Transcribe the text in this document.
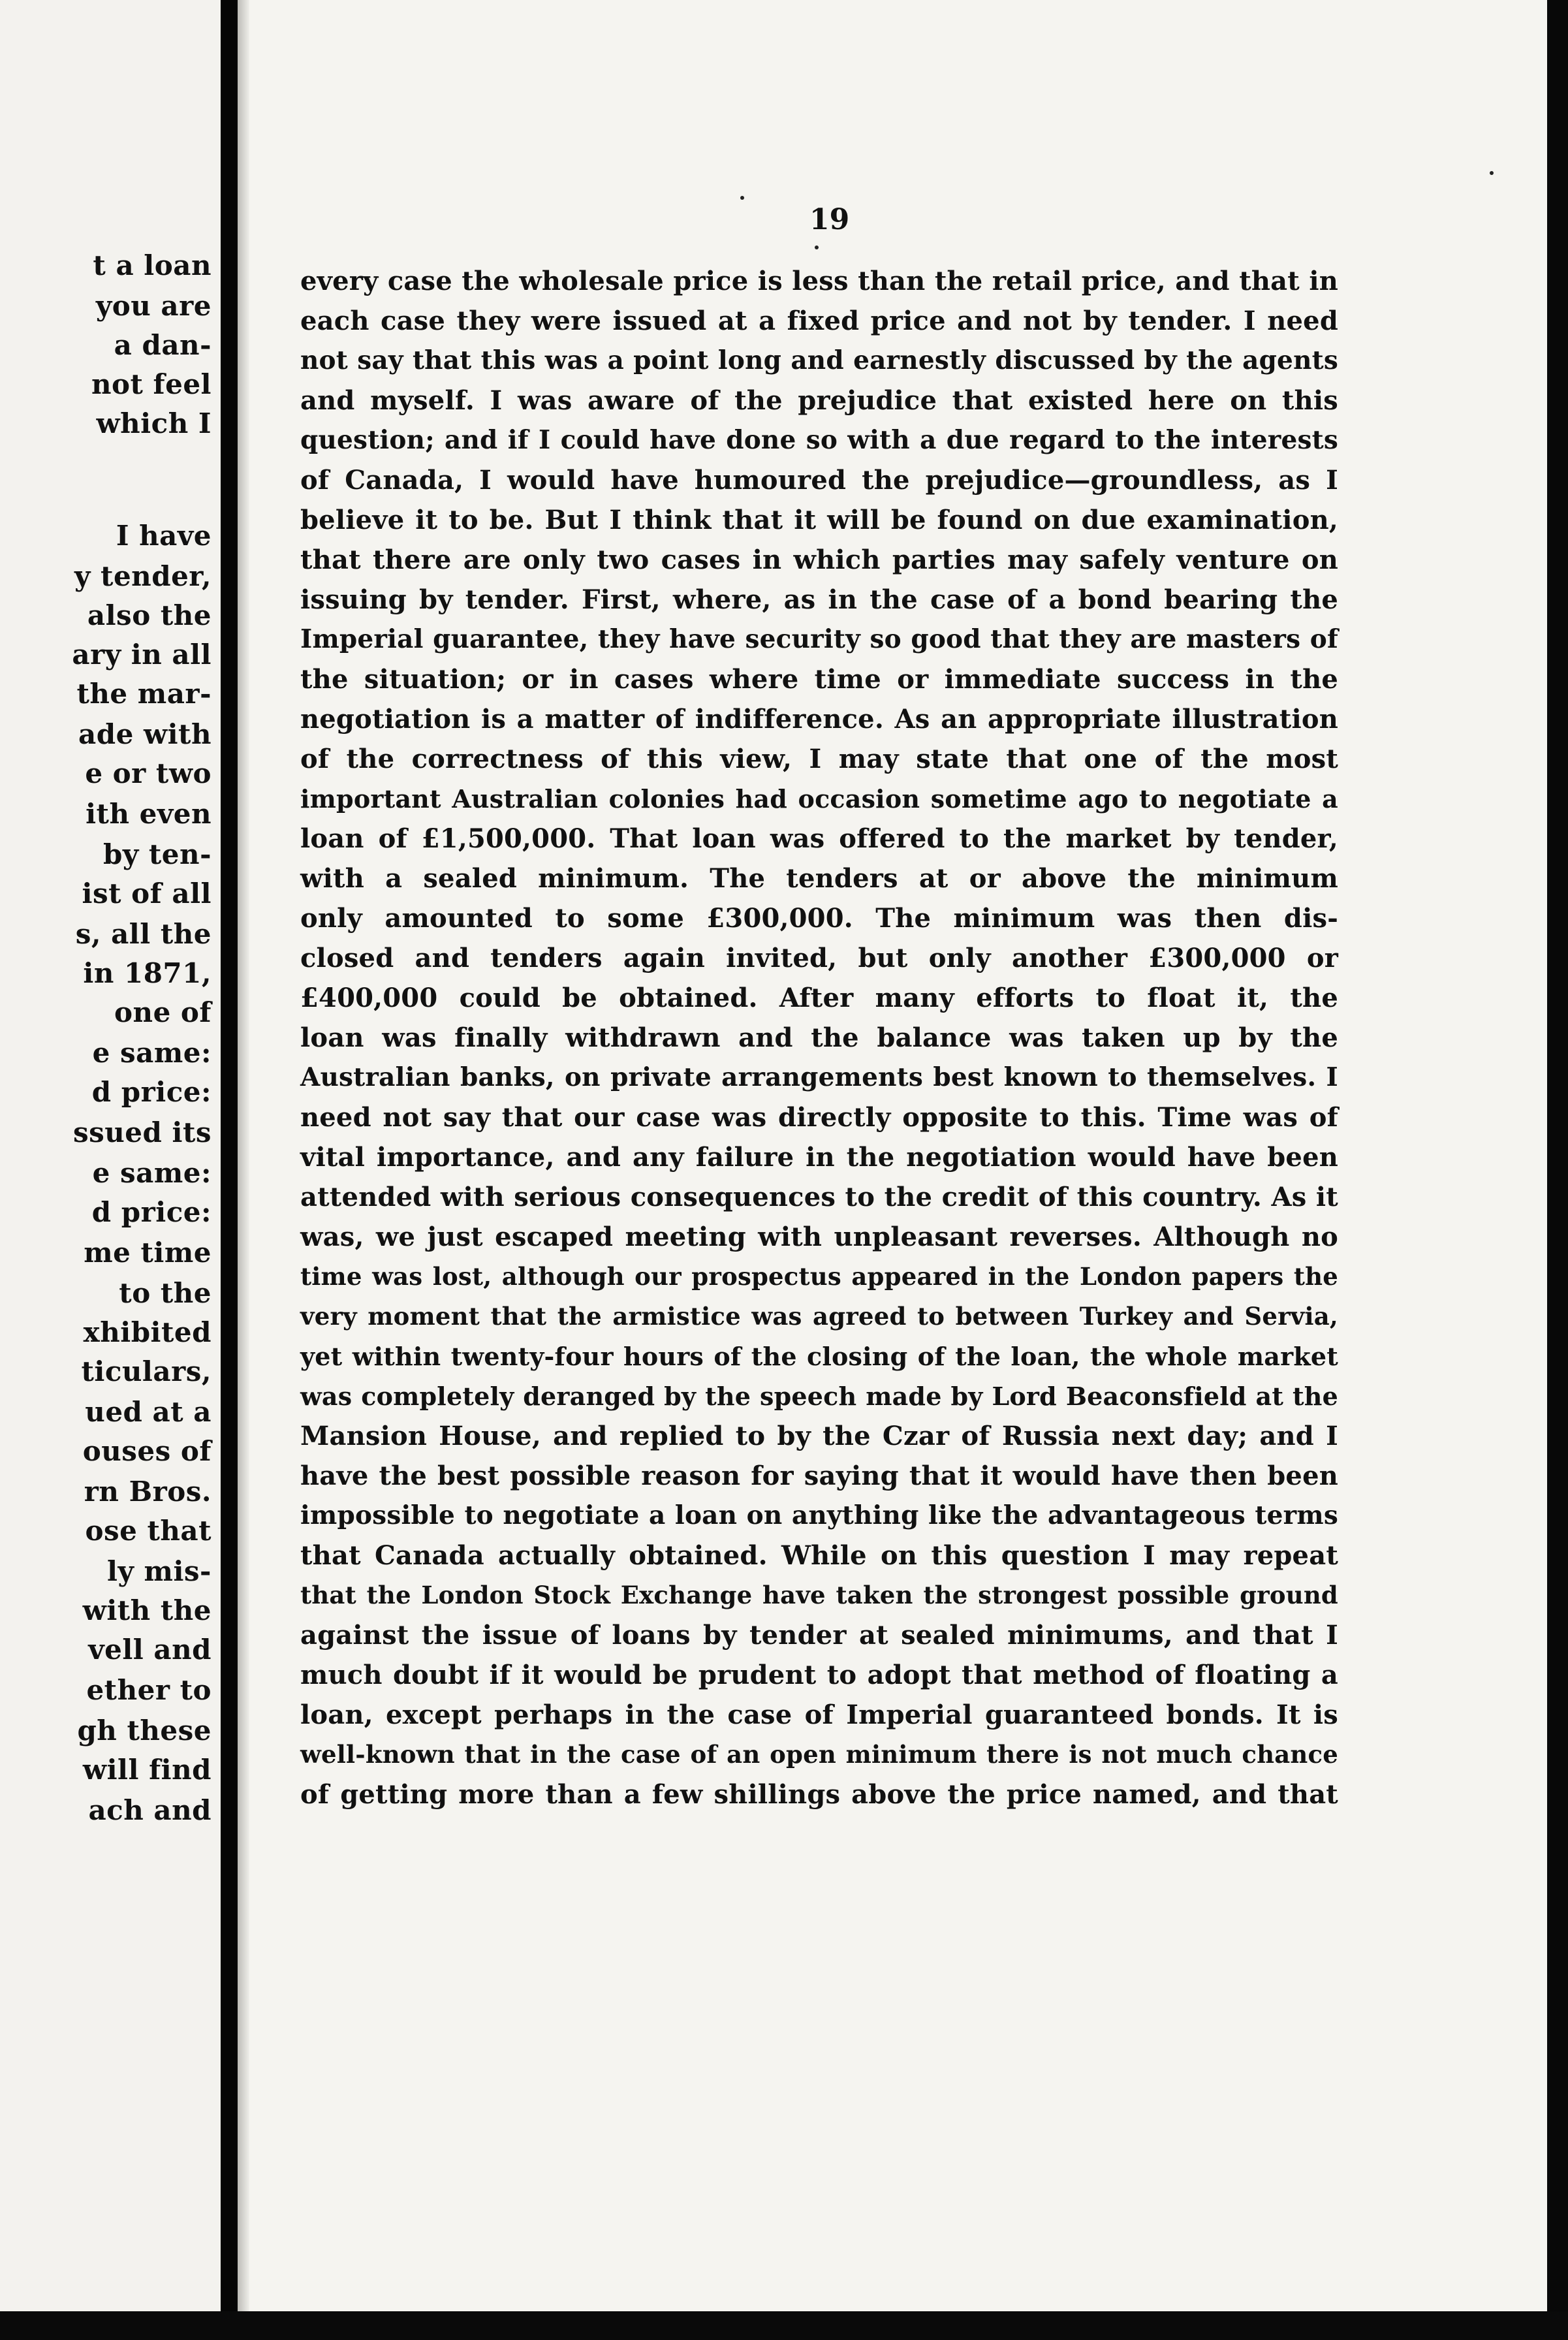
t a loan
you are
a dan-
not feel
which I
I have
y tender,
also the
ary in all
the mar-
ade with
e or two
ith even
by ten-
ist of all
s, all the
in 1871,
one of
e same:
d price:
ssued its
e same:
d price:
me time
to the
xhibited
ticulars,
ued at a
ouses of
rn Bros.
ose that
ly mis-
with the
vell and
ether to
gh these
will find
ach and
19
every case the wholesale price is less than the retail price, and that in
each case they were issued at a fixed price and not by tender. I need
not say that this was a point long and earnestly discussed by the agents
and myself. I was aware of the prejudice that existed here on this
question; and if I could have done so with a due regard to the interests
of Canada, I would have humoured the prejudice—groundless, as I
believe it to be. But I think that it will be found on due examination,
that there are only two cases in which parties may safely venture on
issuing by tender. First, where, as in the case of a bond bearing the
Imperial guarantee, they have security so good that they are masters of
the situation; or in cases where time or immediate success in the
negotiation is a matter of indifference. As an appropriate illustration
of the correctness of this view, I may state that one of the most
important Australian colonies had occasion sometime ago to negotiate a
loan of £1,500,000. That loan was offered to the market by tender,
with a sealed minimum. The tenders at or above the minimum
only amounted to some £300,000. The minimum was then dis-
closed and tenders again invited, but only another £300,000 or
£400,000 could be obtained. After many efforts to float it, the
loan was finally withdrawn and the balance was taken up by the
Australian banks, on private arrangements best known to themselves. I
need not say that our case was directly opposite to this. Time was of
vital importance, and any failure in the negotiation would have been
attended with serious consequences to the credit of this country. As it
was, we just escaped meeting with unpleasant reverses. Although no
time was lost, although our prospectus appeared in the London papers the
very moment that the armistice was agreed to between Turkey and Servia,
yet within twenty-four hours of the closing of the loan, the whole market
was completely deranged by the speech made by Lord Beaconsfield at the
Mansion House, and replied to by the Czar of Russia next day; and I
have the best possible reason for saying that it would have then been
impossible to negotiate a loan on anything like the advantageous terms
that Canada actually obtained. While on this question I may repeat
that the London Stock Exchange have taken the strongest possible ground
against the issue of loans by tender at sealed minimums, and that I
much doubt if it would be prudent to adopt that method of floating a
loan, except perhaps in the case of Imperial guaranteed bonds. It is
well-known that in the case of an open minimum there is not much chance
of getting more than a few shillings above the price named, and that
